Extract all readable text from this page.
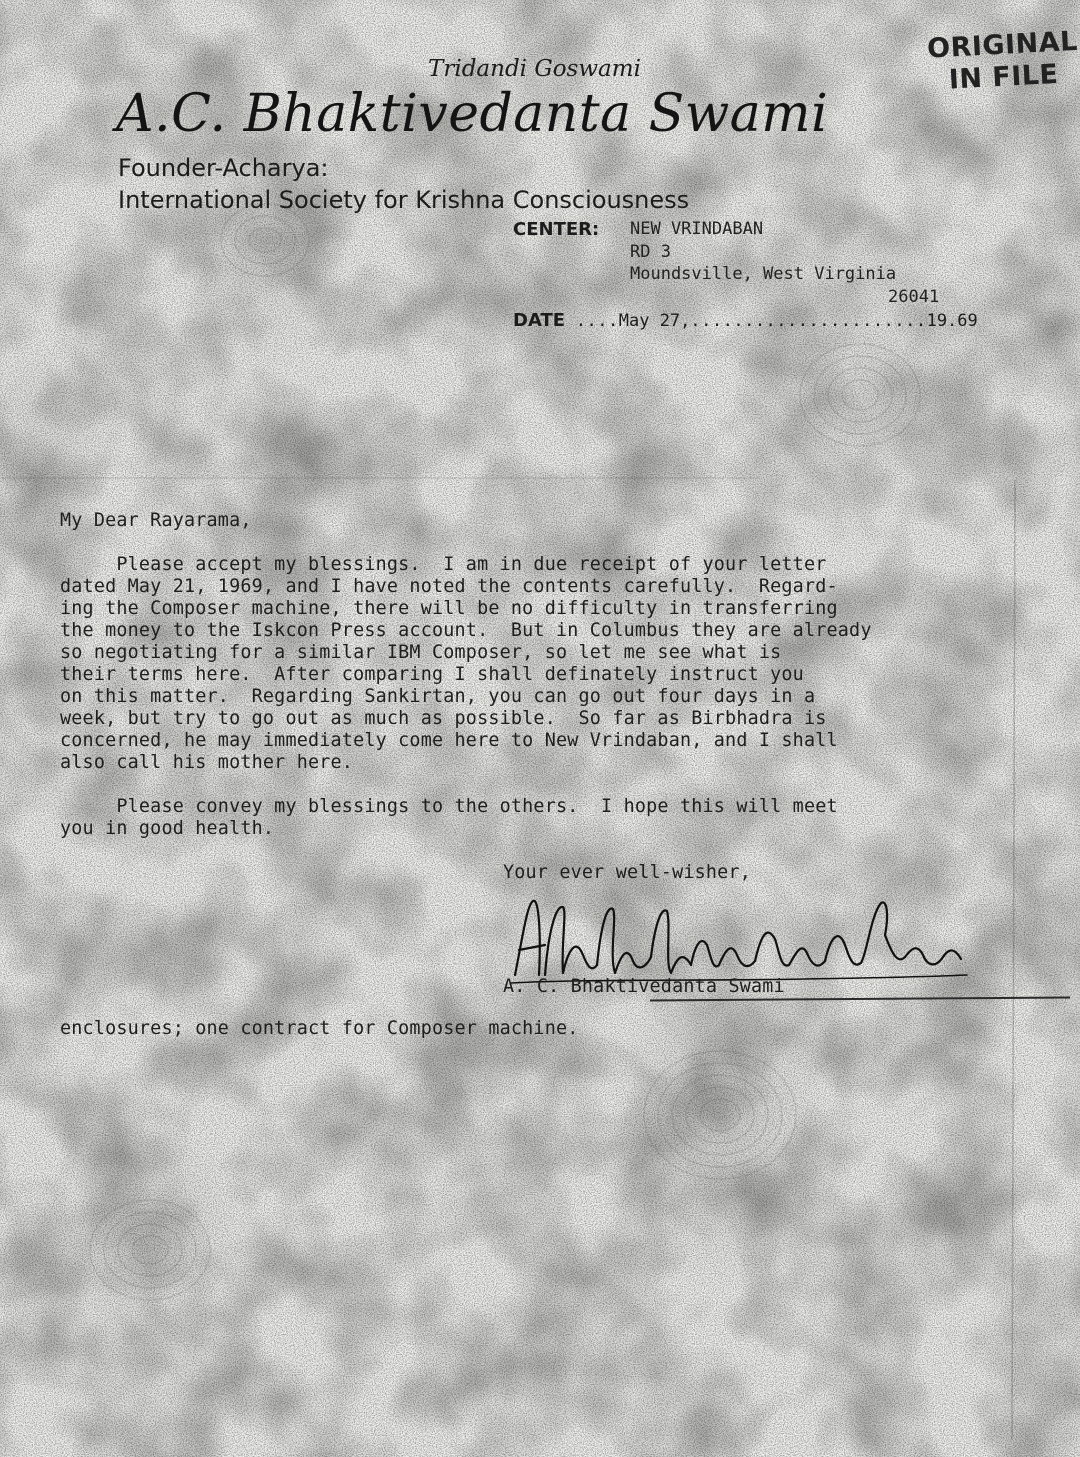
ORIGINAL
IN FILE
Tridandi Goswami
A.C. Bhaktivedanta Swami
Founder-Acharya:
International Society for Krishna Consciousness
CENTER: NEW VRINDABAN
RD 3
Moundsville, West Virginia
26041
DATE ....May 27,......................19.69
My Dear Rayarama,
Please accept my blessings.  I am in due receipt of your letter
dated May 21, 1969, and I have noted the contents carefully.  Regard-
ing the Composer machine, there will be no difficulty in transferring
the money to the Iskcon Press account.  But in Columbus they are already
so negotiating for a similar IBM Composer, so let me see what is
their terms here.  After comparing I shall definately instruct you
on this matter.  Regarding Sankirtan, you can go out four days in a
week, but try to go out as much as possible.  So far as Birbhadra is
concerned, he may immediately come here to New Vrindaban, and I shall
also call his mother here.
Please convey my blessings to the others.  I hope this will meet
you in good health.
Your ever well-wisher,
A. C. Bhaktivedanta Swami
enclosures; one contract for Composer machine.
